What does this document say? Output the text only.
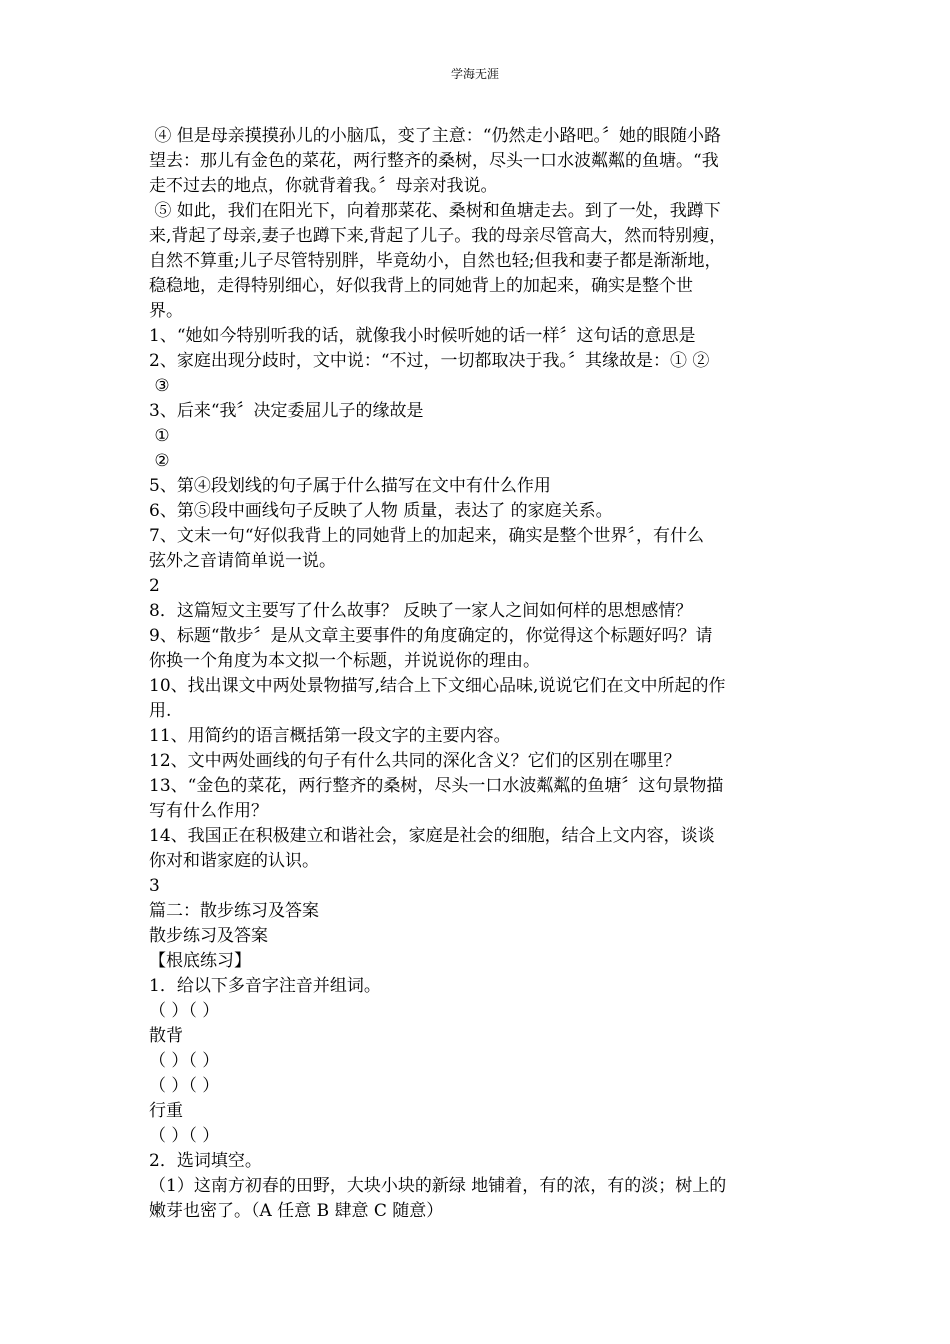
学海无涯
④ 但是母亲摸摸孙儿的小脑瓜，变了主意：“仍然走小路吧。〞她的眼随小路
望去：那儿有金色的菜花，两行整齐的桑树，尽头一口水波粼粼的鱼塘。“我
走不过去的地点，你就背着我。〞母亲对我说。
⑤ 如此，我们在阳光下，向着那菜花、桑树和鱼塘走去。到了一处，我蹲下
来,背起了母亲,妻子也蹲下来,背起了儿子。我的母亲尽管高大，然而特别瘦，
自然不算重;儿子尽管特别胖，毕竟幼小，自然也轻;但我和妻子都是渐渐地，
稳稳地，走得特别细心，好似我背上的同她背上的加起来，确实是整个世
界。
1、“她如今特别听我的话，就像我小时候听她的话一样〞这句话的意思是
2、家庭出现分歧时，文中说：“不过，一切都取决于我。〞其缘故是：① ②
③
3、后来“我〞决定委屈儿子的缘故是
①
②
5、第④段划线的句子属于什么描写在文中有什么作用
6、第⑤段中画线句子反映了人物 质量，表达了 的家庭关系。
7、文末一句“好似我背上的同她背上的加起来，确实是整个世界〞，有什么
弦外之音请简单说一说。
2
8．这篇短文主要写了什么故事？ 反映了一家人之间如何样的思想感情？
9、标题“散步〞是从文章主要事件的角度确定的，你觉得这个标题好吗？请
你换一个角度为本文拟一个标题，并说说你的理由。
10、找出课文中两处景物描写,结合上下文细心品味,说说它们在文中所起的作
用.
11、用简约的语言概括第一段文字的主要内容。
12、文中两处画线的句子有什么共同的深化含义？它们的区别在哪里？
13、“金色的菜花，两行整齐的桑树，尽头一口水波粼粼的鱼塘〞这句景物描
写有什么作用？
14、我国正在积极建立和谐社会，家庭是社会的细胞，结合上文内容，谈谈
你对和谐家庭的认识。
3
篇二：散步练习及答案
散步练习及答案
【根底练习】
1．给以下多音字注音并组词。
（ ）（ ）
散背
（ ）（ ）
（ ）（ ）
行重
（ ）（ ）
2．选词填空。
（1）这南方初春的田野，大块小块的新绿 地铺着，有的浓，有的淡；树上的
嫩芽也密了。（A 任意 B 肆意 C 随意）
